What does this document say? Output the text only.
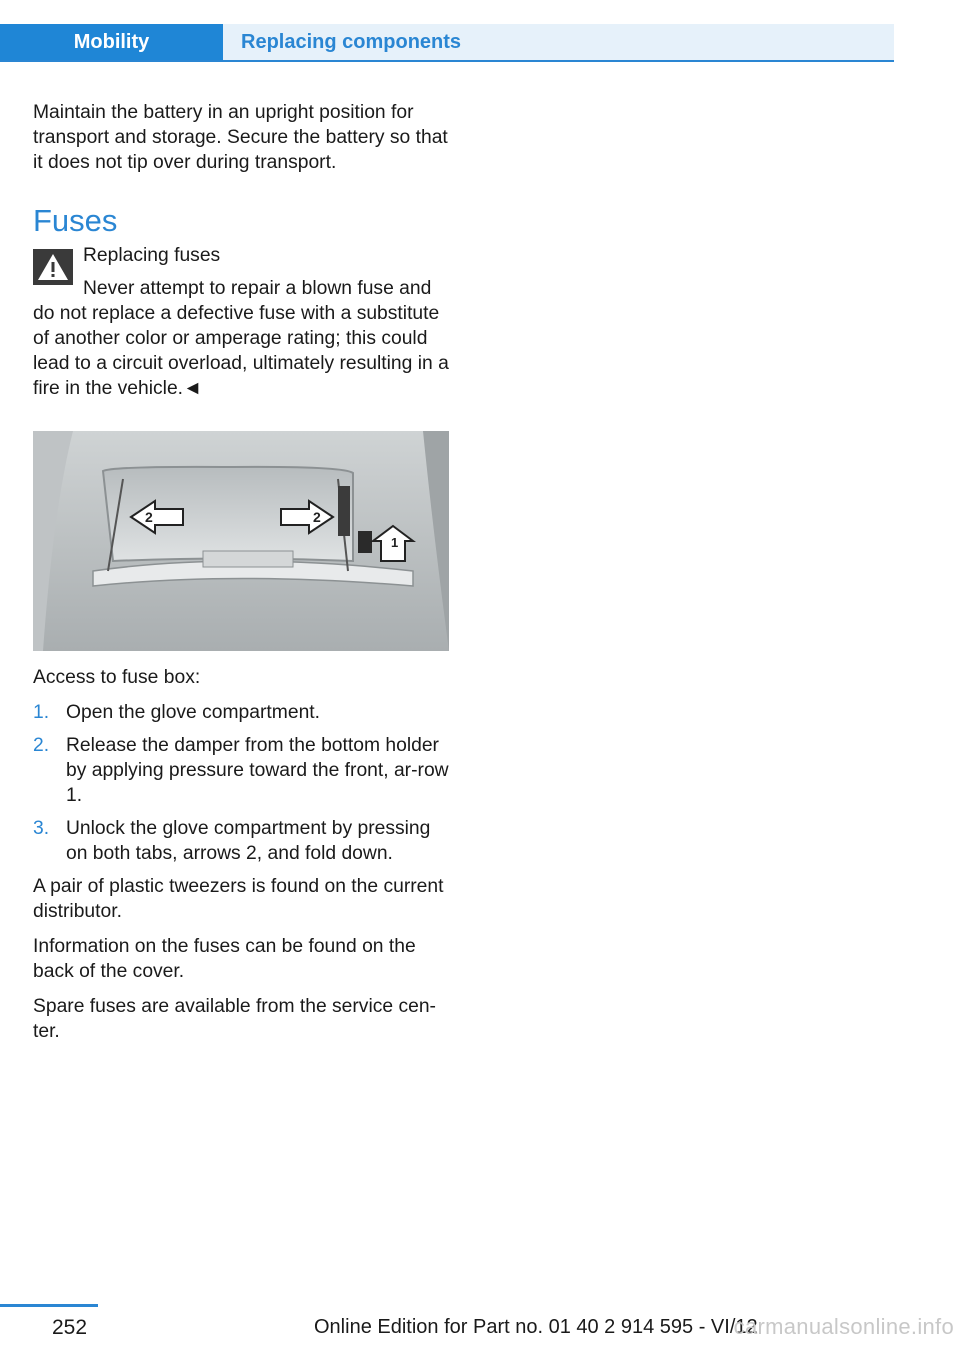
Mobility	Replacing components

Maintain the battery in an upright position for transport and storage. Secure the battery so that it does not tip over during transport.

Fuses

Replacing fuses

Never attempt to repair a blown fuse and do not replace a defective fuse with a substitute of another color or amperage rating; this could lead to a circuit overload, ultimately resulting in a fire in the vehicle.◄

2	2
1

Access to fuse box:

1. Open the glove compartment.
2. Release the damper from the bottom holder by applying pressure toward the front, ar-row 1.
3. Unlock the glove compartment by pressing on both tabs, arrows 2, and fold down.

A pair of plastic tweezers is found on the current distributor.

Information on the fuses can be found on the back of the cover.

Spare fuses are available from the service cen-ter.

252	Online Edition for Part no. 01 40 2 914 595 - VI/12
carmanualsonline.info
